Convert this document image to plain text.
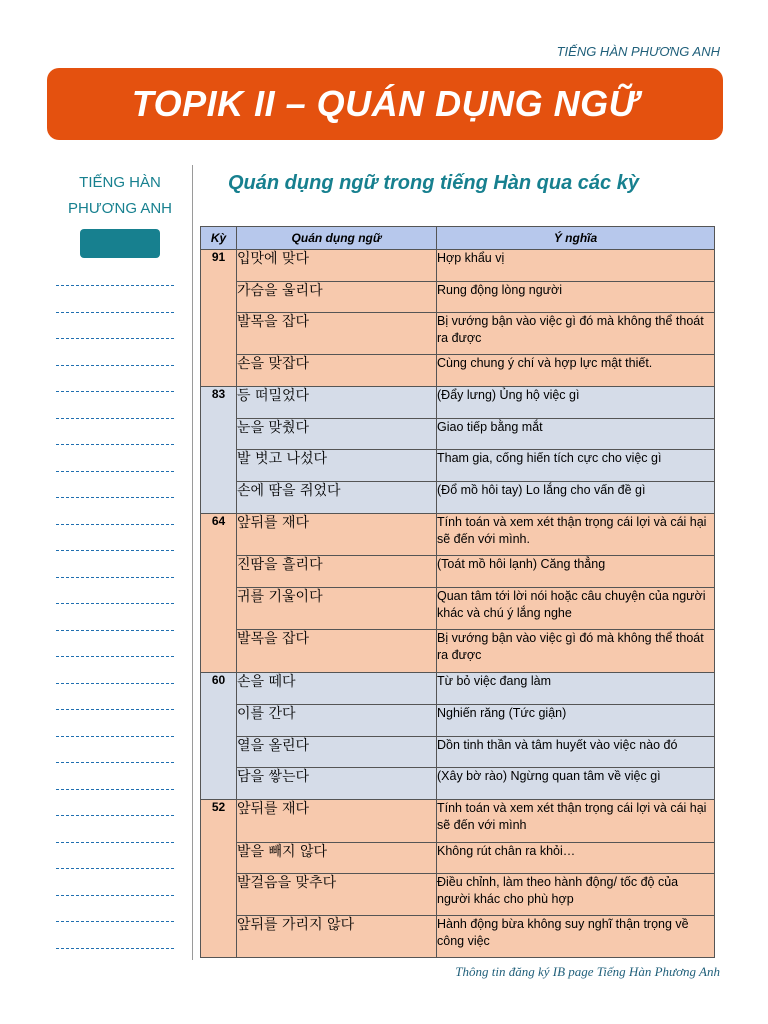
TIẾNG HÀN PHƯƠNG ANH
TOPIK II – QUÁN DỤNG NGỮ
TIẾNG HÀN
PHƯƠNG ANH
Quán dụng ngữ trong tiếng Hàn qua các kỳ
Kỳ	Quán dụng ngữ	Ý nghĩa
91	입맛에 맞다	Hợp khẩu vị
	가슴을 울리다	Rung động lòng người
	발목을 잡다	Bị vướng bận vào việc gì đó mà không thể thoát ra được
	손을 맞잡다	Cùng chung ý chí và hợp lực mật thiết.
83	등 떠밀었다	(Đẩy lưng) Ủng hộ việc gì
	눈을 맞췄다	Giao tiếp bằng mắt
	발 벗고 나섰다	Tham gia, cống hiến tích cực cho việc gì
	손에 땀을 쥐었다	(Đổ mồ hôi tay) Lo lắng cho vấn đề gì
64	앞뒤를 재다	Tính toán và xem xét thận trọng cái lợi và cái hại sẽ đến với mình.
	진땀을 흘리다	(Toát mồ hôi lạnh) Căng thẳng
	귀를 기울이다	Quan tâm tới lời nói hoặc câu chuyện của người khác và chú ý lắng nghe
	발목을 잡다	Bị vướng bận vào việc gì đó mà không thể thoát ra được
60	손을 떼다	Từ bỏ việc đang làm
	이를 간다	Nghiến răng (Tức giận)
	열을 올린다	Dồn tinh thần và tâm huyết vào việc nào đó
	담을 쌓는다	(Xây bờ rào) Ngừng quan tâm về việc gì
52	앞뒤를 재다	Tính toán và xem xét thận trọng cái lợi và cái hại sẽ đến với mình
	발을 빼지 않다	Không rút chân ra khỏi…
	발걸음을 맞추다	Điều chỉnh, làm theo hành động/ tốc độ của người khác cho phù hợp
	앞뒤를 가리지 않다	Hành động bừa không suy nghĩ thận trọng về công việc
Thông tin đăng ký IB page Tiếng Hàn Phương Anh
